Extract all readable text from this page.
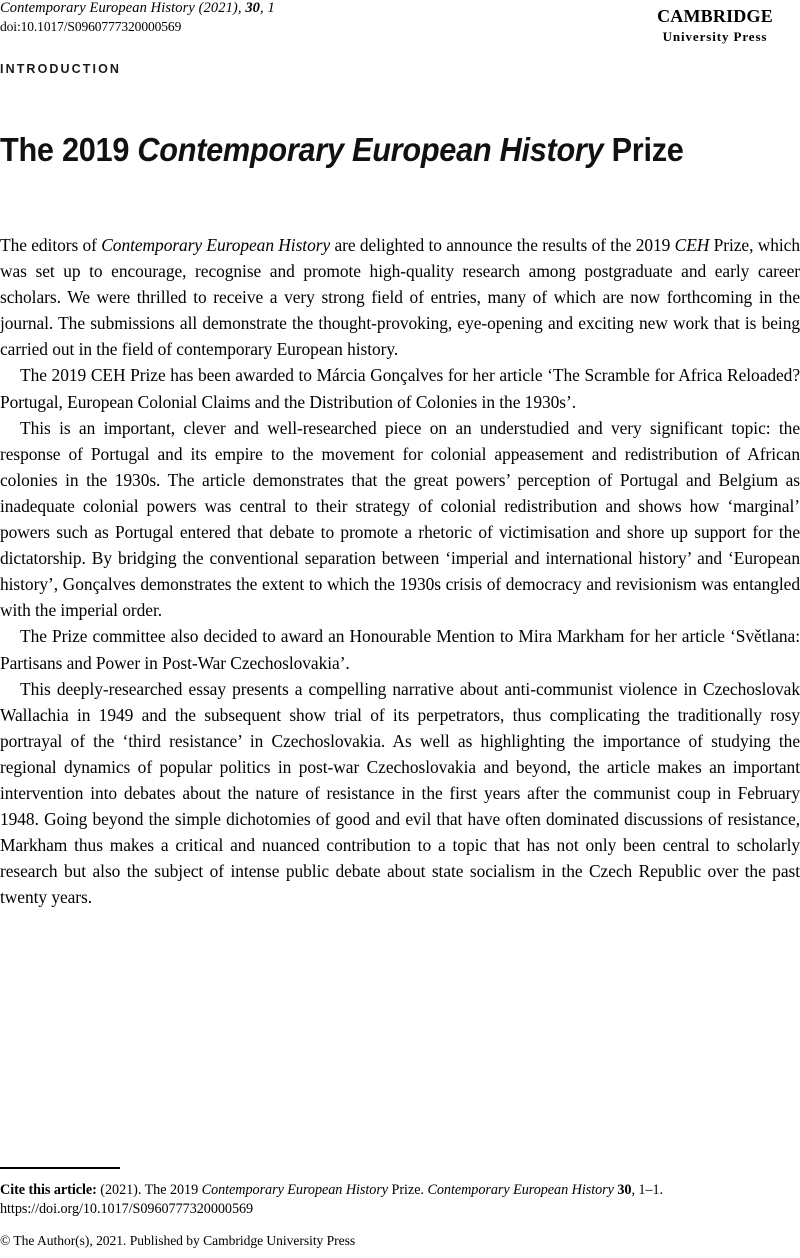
Contemporary European History (2021), 30, 1
doi:10.1017/S0960777320000569	cambridge
University Press
INTRODUCTION
The 2019 Contemporary European History Prize

The editors of Contemporary European History are delighted to announce the results of the 2019 CEH Prize, which was set up to encourage, recognise and promote high-quality research among postgraduate and early career scholars. We were thrilled to receive a very strong field of entries, many of which are now forthcoming in the journal. The submissions all demonstrate the thought-provoking, eye-opening and exciting new work that is being carried out in the field of contemporary European history.

The 2019 CEH Prize has been awarded to Márcia Gonçalves for her article ‘The Scramble for Africa Reloaded? Portugal, European Colonial Claims and the Distribution of Colonies in the 1930s’.

This is an important, clever and well-researched piece on an understudied and very significant topic: the response of Portugal and its empire to the movement for colonial appeasement and redistribution of African colonies in the 1930s. The article demonstrates that the great powers’ perception of Portugal and Belgium as inadequate colonial powers was central to their strategy of colonial redistribution and shows how ‘marginal’ powers such as Portugal entered that debate to promote a rhetoric of victimisation and shore up support for the dictatorship. By bridging the conventional separation between ‘imperial and international history’ and ‘European history’, Gonçalves demonstrates the extent to which the 1930s crisis of democracy and revisionism was entangled with the imperial order.

The Prize committee also decided to award an Honourable Mention to Mira Markham for her article ‘Světlana: Partisans and Power in Post-War Czechoslovakia’.

This deeply-researched essay presents a compelling narrative about anti-communist violence in Czechoslovak Wallachia in 1949 and the subsequent show trial of its perpetrators, thus complicating the traditionally rosy portrayal of the ‘third resistance’ in Czechoslovakia. As well as highlighting the importance of studying the regional dynamics of popular politics in post-war Czechoslovakia and beyond, the article makes an important intervention into debates about the nature of resistance in the first years after the communist coup in February 1948. Going beyond the simple dichotomies of good and evil that have often dominated discussions of resistance, Markham thus makes a critical and nuanced contribution to a topic that has not only been central to scholarly research but also the subject of intense public debate about state socialism in the Czech Republic over the past twenty years.

Cite this article: (2021). The 2019 Contemporary European History Prize. Contemporary European History 30, 1–1. https://doi.org/10.1017/S0960777320000569

© The Author(s), 2021. Published by Cambridge University Press
